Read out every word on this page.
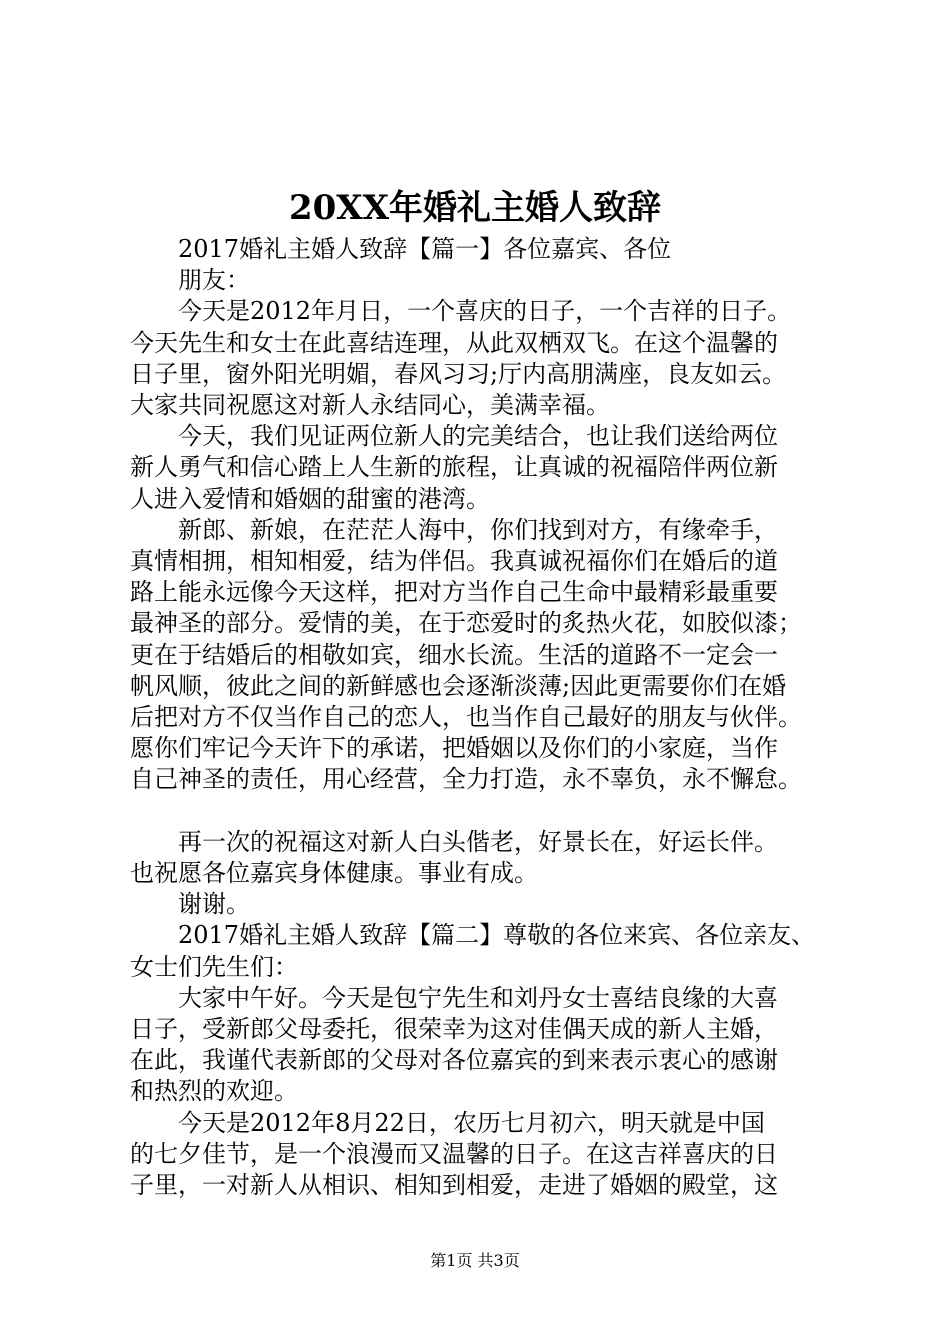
20XX年婚礼主婚人致辞
2017婚礼主婚人致辞【篇一】各位嘉宾、各位
朋友：
今天是2012年月日，一个喜庆的日子，一个吉祥的日子。
今天先生和女士在此喜结连理，从此双栖双飞。在这个温馨的
日子里，窗外阳光明媚，春风习习;厅内高朋满座，良友如云。
大家共同祝愿这对新人永结同心，美满幸福。
今天，我们见证两位新人的完美结合，也让我们送给两位
新人勇气和信心踏上人生新的旅程，让真诚的祝福陪伴两位新
人进入爱情和婚姻的甜蜜的港湾。
新郎、新娘，在茫茫人海中，你们找到对方，有缘牵手，
真情相拥，相知相爱，结为伴侣。我真诚祝福你们在婚后的道
路上能永远像今天这样，把对方当作自己生命中最精彩最重要
最神圣的部分。爱情的美，在于恋爱时的炙热火花，如胶似漆；
更在于结婚后的相敬如宾，细水长流。生活的道路不一定会一
帆风顺，彼此之间的新鲜感也会逐渐淡薄;因此更需要你们在婚
后把对方不仅当作自己的恋人，也当作自己最好的朋友与伙伴。
愿你们牢记今天许下的承诺，把婚姻以及你们的小家庭，当作
自己神圣的责任，用心经营，全力打造，永不辜负，永不懈怠。
再一次的祝福这对新人白头偕老，好景长在，好运长伴。
也祝愿各位嘉宾身体健康。事业有成。
谢谢。
2017婚礼主婚人致辞【篇二】尊敬的各位来宾、各位亲友、
女士们先生们：
大家中午好。今天是包宁先生和刘丹女士喜结良缘的大喜
日子，受新郎父母委托，很荣幸为这对佳偶天成的新人主婚，
在此，我谨代表新郎的父母对各位嘉宾的到来表示衷心的感谢
和热烈的欢迎。
今天是2012年8月22日，农历七月初六，明天就是中国
的七夕佳节，是一个浪漫而又温馨的日子。在这吉祥喜庆的日
子里，一对新人从相识、相知到相爱，走进了婚姻的殿堂，这
第1页 共3页
